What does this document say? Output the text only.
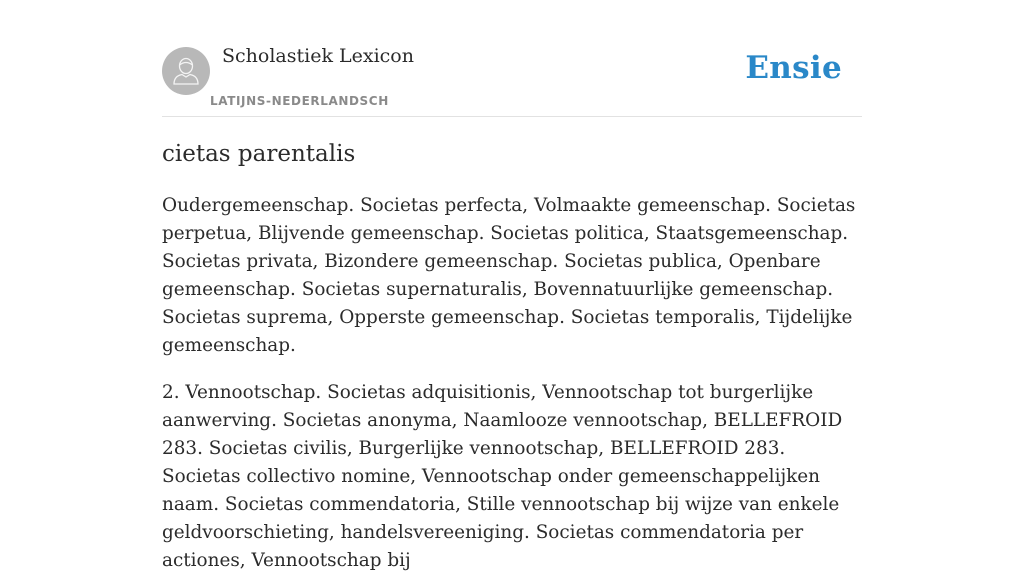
Scholastiek Lexicon
LATIJNS-NEDERLANDSCH
Ensie
cietas parentalis

Oudergemeenschap. Societas perfecta, Volmaakte gemeenschap. Societas perpetua, Blijvende gemeenschap. Societas politica, Staatsgemeenschap. Societas privata, Bizondere gemeenschap. Societas publica, Openbare gemeenschap. Societas supernaturalis, Bovennatuurlijke gemeenschap. Societas suprema, Opperste gemeenschap. Societas temporalis, Tijdelijke gemeenschap.

2. Vennootschap. Societas adquisitionis, Vennootschap tot burgerlijke aanwerving. Societas anonyma, Naamlooze vennootschap, BELLEFROID 283. Societas civilis, Burgerlijke vennootschap, BELLEFROID 283. Societas collectivo nomine, Vennootschap onder gemeenschappelijken naam. Societas commendatoria, Stille vennootschap bij wijze van enkele geldvoorschieting, handelsvereeniging. Societas commendatoria per actiones, Vennootschap bij
